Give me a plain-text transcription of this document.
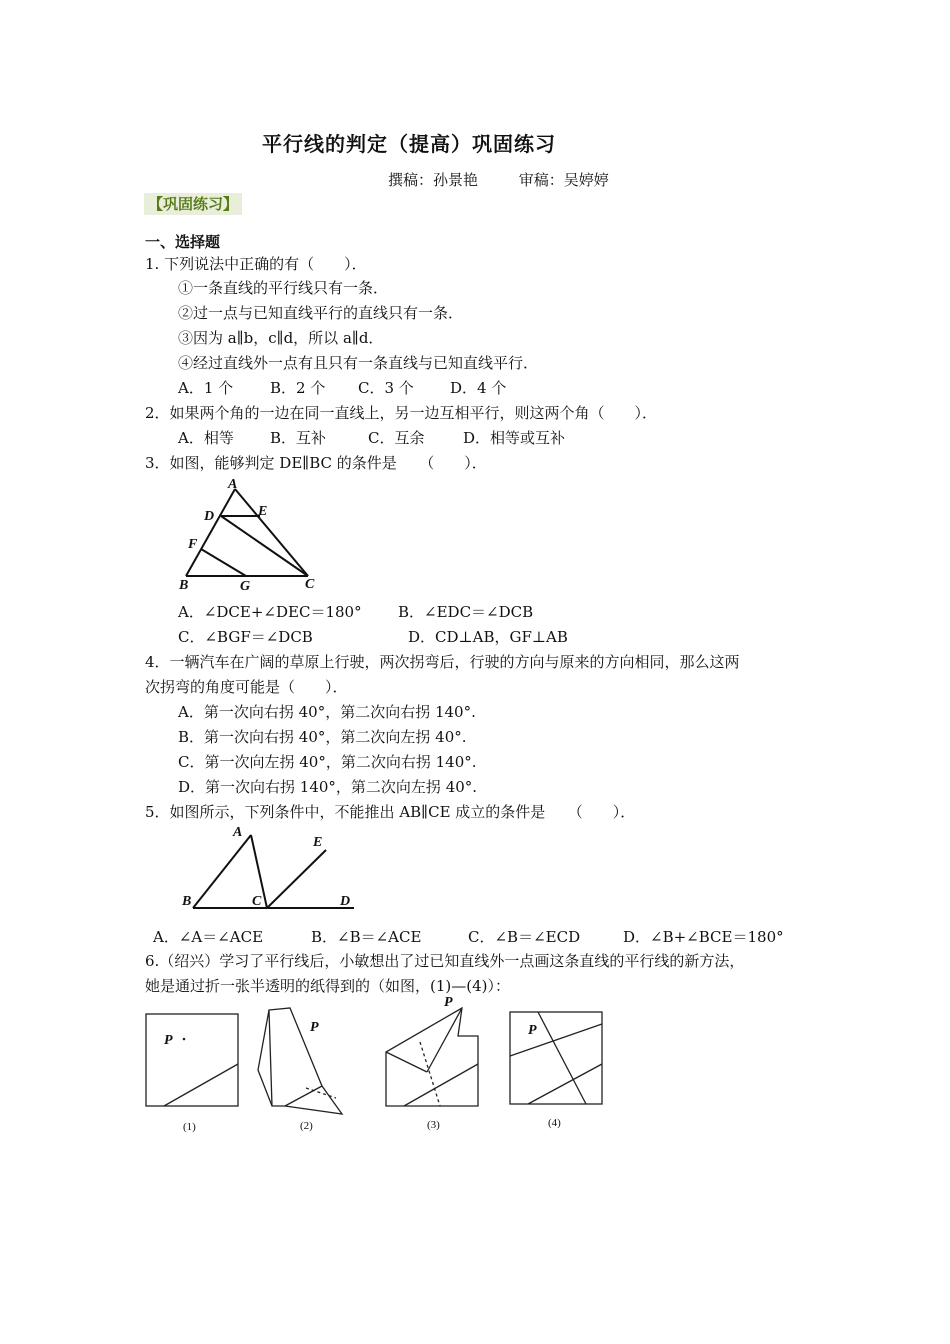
平行线的判定（提高）巩固练习
撰稿：孙景艳	审稿：吴婷婷
【巩固练习】
一、选择题
1. 下列说法中正确的有（　　）．
①一条直线的平行线只有一条．
②过一点与已知直线平行的直线只有一条．
③因为 a∥b，c∥d，所以 a∥d．
④经过直线外一点有且只有一条直线与已知直线平行．
A．1 个 B．2 个 C．3 个 D．4 个
2．如果两个角的一边在同一直线上，另一边互相平行，则这两个角（　　）．
A．相等 B．互补	C．互余	D．相等或互补
3．如图，能够判定 DE∥BC 的条件是　　（　　）．
A
D	E
F
B	G	C
A．∠DCE+∠DEC＝180° B．∠EDC＝∠DCB
C．∠BGF＝∠DCB	D．CD⊥AB，GF⊥AB
4．一辆汽车在广阔的草原上行驶，两次拐弯后，行驶的方向与原来的方向相同，那么这两
次拐弯的角度可能是（　　）．
A．第一次向右拐 40°，第二次向右拐 140°.
B．第一次向右拐 40°，第二次向左拐 40°.
C．第一次向左拐 40°，第二次向右拐 140°.
D．第一次向右拐 140°，第二次向左拐 40°.
5．如图所示，下列条件中，不能推出 AB∥CE 成立的条件是　　（　　）．
A
E
B	C	D
A．∠A＝∠ACE	B．∠B＝∠ACE	C．∠B＝∠ECD	D．∠B+∠BCE＝180°
6.（绍兴）学习了平行线后，小敏想出了过已知直线外一点画这条直线的平行线的新方法，
她是通过折一张半透明的纸得到的（如图，(1)—(4)）：
P
P
P
P
(1)	(2)	(3)	(4)
